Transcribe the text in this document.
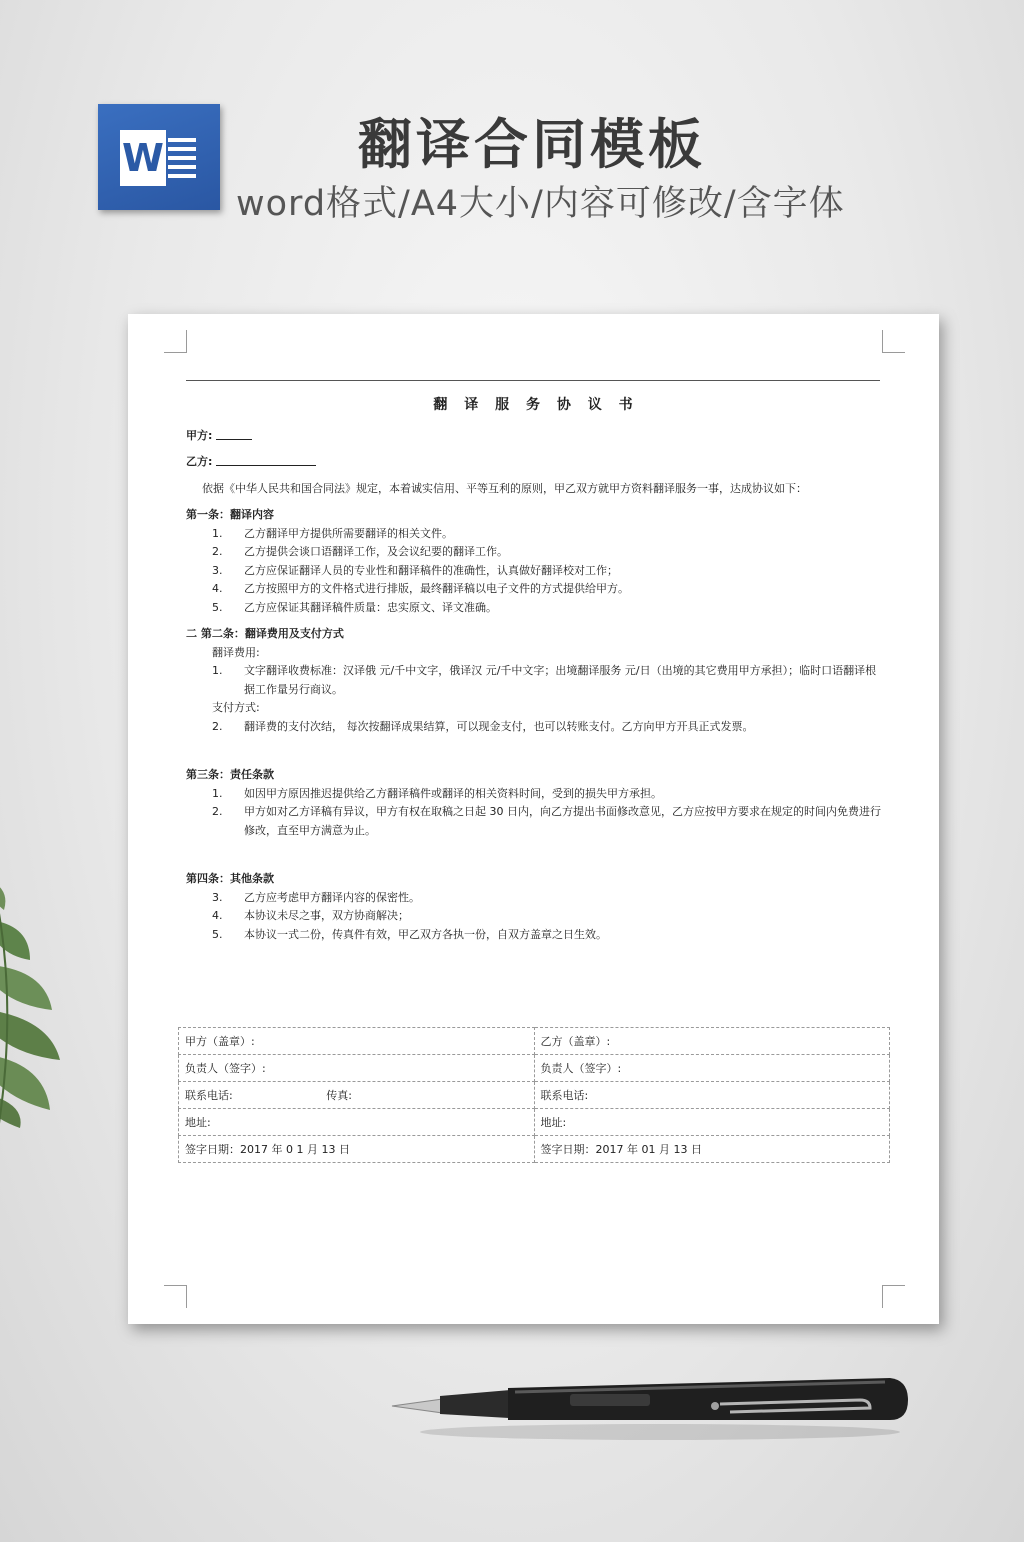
W	翻译合同模板
word格式/A4大小/内容可修改/含字体
翻 译 服 务 协 议 书
甲方:
乙方:
依据《中华人民共和国合同法》规定，本着诚实信用、平等互利的原则，甲乙双方就甲方资料翻译服务一事，达成协议如下：
第一条：翻译内容
1. 乙方翻译甲方提供所需要翻译的相关文件。
2. 乙方提供会谈口语翻译工作，及会议纪要的翻译工作。
3. 乙方应保证翻译人员的专业性和翻译稿件的准确性，认真做好翻译校对工作；
4. 乙方按照甲方的文件格式进行排版，最终翻译稿以电子文件的方式提供给甲方。
5. 乙方应保证其翻译稿件质量：忠实原文、译文准确。
二 第二条：翻译费用及支付方式
翻译费用:
1. 文字翻译收费标准：汉译俄 元/千中文字，俄译汉 元/千中文字；出境翻译服务 元/日（出境的其它费用甲方承担）；临时口语翻译根据工作量另行商议。
支付方式:
2. 翻译费的支付次结， 每次按翻译成果结算，可以现金支付，也可以转账支付。乙方向甲方开具正式发票。
第三条：责任条款
1. 如因甲方原因推迟提供给乙方翻译稿件或翻译的相关资料时间，受到的损失甲方承担。
2. 甲方如对乙方译稿有异议，甲方有权在取稿之日起 30 日内，向乙方提出书面修改意见，乙方应按甲方要求在规定的时间内免费进行修改，直至甲方满意为止。
第四条：其他条款
3. 乙方应考虑甲方翻译内容的保密性。
4. 本协议未尽之事，双方协商解决；
5. 本协议一式二份，传真件有效，甲乙双方各执一份，自双方盖章之日生效。
甲方（盖章）:	乙方（盖章）:
负责人（签字）:	负责人（签字）:
联系电话: 传真:	联系电话:
地址:	地址:
签字日期：2017 年 0 1 月 13 日	签字日期：2017 年 01 月 13 日
